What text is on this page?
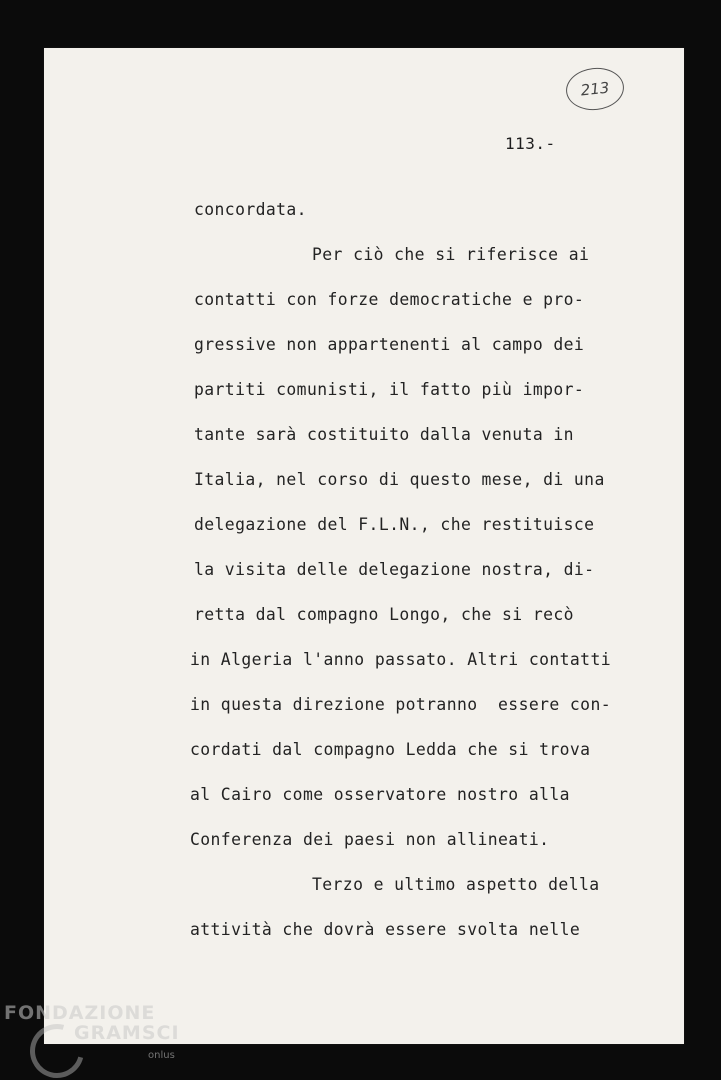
213
113.-
concordata.
Per ciò che si riferisce ai
contatti con forze democratiche e pro-
gressive non appartenenti al campo dei
partiti comunisti, il fatto più impor-
tante sarà costituito dalla venuta in
Italia, nel corso di questo mese, di una
delegazione del F.L.N., che restituisce
la visita delle delegazione nostra, di-
retta dal compagno Longo, che si recò
in Algeria l'anno passato. Altri contatti
in questa direzione potranno  essere con-
cordati dal compagno Ledda che si trova
al Cairo come osservatore nostro alla
Conferenza dei paesi non allineati.
Terzo e ultimo aspetto della
attività che dovrà essere svolta nelle
FONDAZIONE
GRAMSCI
onlus
